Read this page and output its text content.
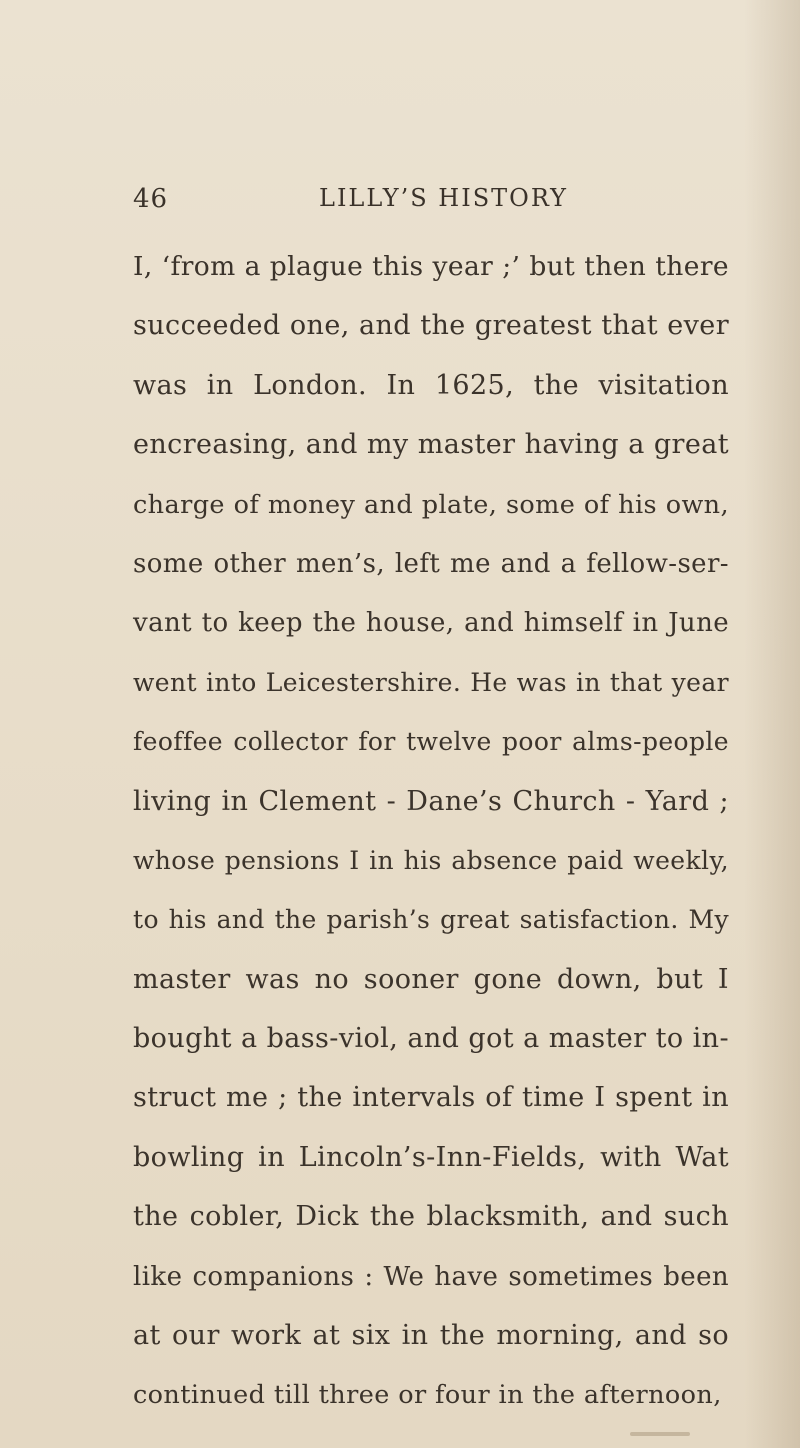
46	LILLY’S HISTORY
I, ‘from a plague this year ;’ but then there
succeeded one, and the greatest that ever
was in London. In 1625, the visitation
encreasing, and my master having a great
charge of money and plate, some of his own,
some other men’s, left me and a fellow-ser-
vant to keep the house, and himself in June
went into Leicestershire. He was in that year
feoffee collector for twelve poor alms-people
living in Clement - Dane’s Church - Yard ;
whose pensions I in his absence paid weekly,
to his and the parish’s great satisfaction. My
master was no sooner gone down, but I
bought a bass-viol, and got a master to in-
struct me ; the intervals of time I spent in
bowling in Lincoln’s-Inn-Fields, with Wat
the cobler, Dick the blacksmith, and such
like companions : We have sometimes been
at our work at six in the morning, and so
continued till three or four in the afternoon,
